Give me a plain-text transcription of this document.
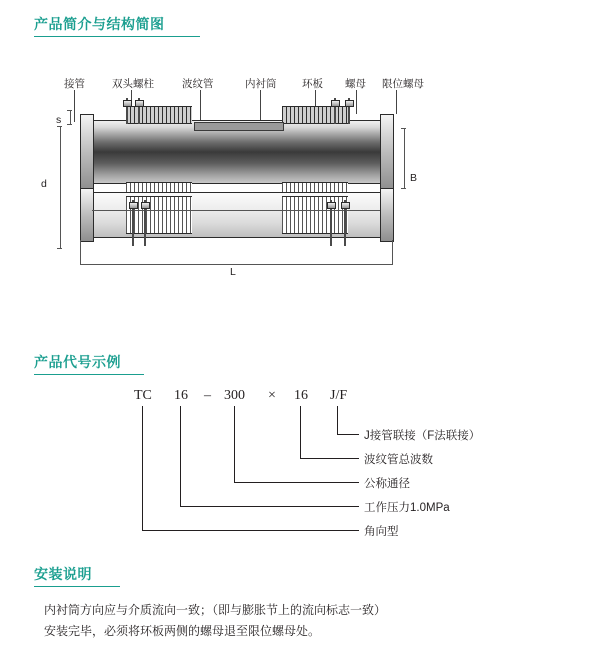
产品简介与结构简图
接管	双头螺柱	波纹管	内衬筒 环板 螺母 限位螺母
s
d	B
L
产品代号示例
TC 16 – 300 × 16 J/F
J接管联接（F法联接）
波纹管总波数
公称通径
工作压力1.0MPa
角向型
安装说明
内衬筒方向应与介质流向一致；（即与膨胀节上的流向标志一致）
安装完毕，必须将环板两侧的螺母退至限位螺母处。
